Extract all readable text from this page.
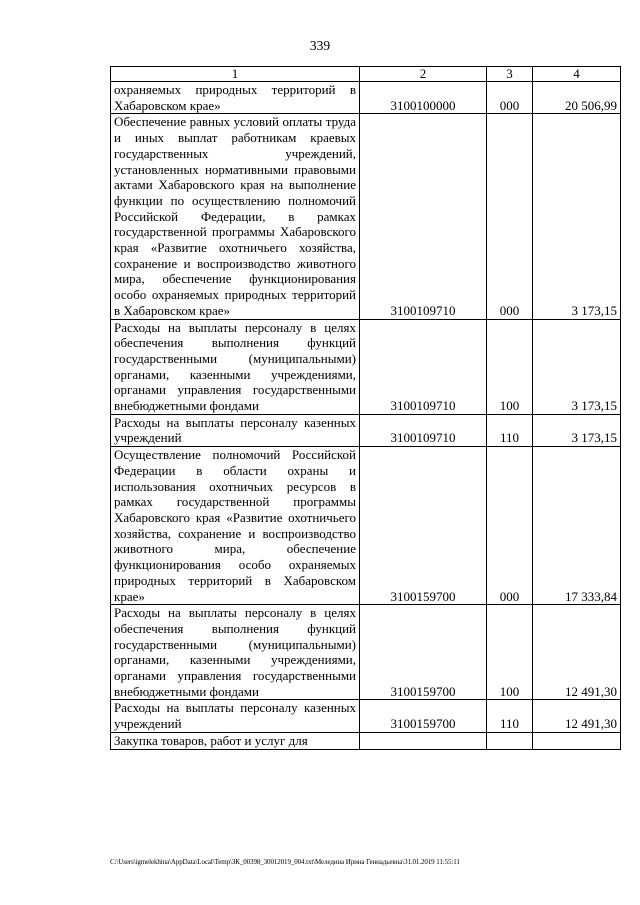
339
1	2	3	4
охраняемых природных территорий в Хабаровском крае»	3100100000	000	20 506,99
Обеспечение равных условий оплаты труда и иных выплат работникам краевых государственных учреждений, установленных нормативными правовыми актами Хабаровского края на выполнение функции по осуществлению полномочий Российской Федерации, в рамках государственной программы Хабаровского края «Развитие охотничьего хозяйства, сохранение и воспроизводство животного мира, обеспечение функционирования особо охраняемых природных территорий в Хабаровском крае»	3100109710	000	3 173,15
Расходы на выплаты персоналу в целях обеспечения выполнения функций государственными (муниципальными) органами, казенными учреждениями, органами управления государственными внебюджетными фондами	3100109710	100	3 173,15
Расходы на выплаты персоналу казенных учреждений	3100109710	110	3 173,15
Осуществление полномочий Российской Федерации в области охраны и использования охотничьих ресурсов в рамках государственной программы Хабаровского края «Развитие охотничьего хозяйства, сохранение и воспроизводство животного мира, обеспечение функционирования особо охраняемых природных территорий в Хабаровском крае»	3100159700	000	17 333,84
Расходы на выплаты персоналу в целях обеспечения выполнения функций государственными (муниципальными) органами, казенными учреждениями, органами управления государственными внебюджетными фондами	3100159700	100	12 491,30
Расходы на выплаты персоналу казенных учреждений	3100159700	110	12 491,30
Закупка товаров, работ и услуг для			
C:\Users\igmelekhina\AppData\Local\Temp\ЗК_00398_30012019_004.txt\Меледина Ирина Геннадьевна\31.01.2019 11:55:11
